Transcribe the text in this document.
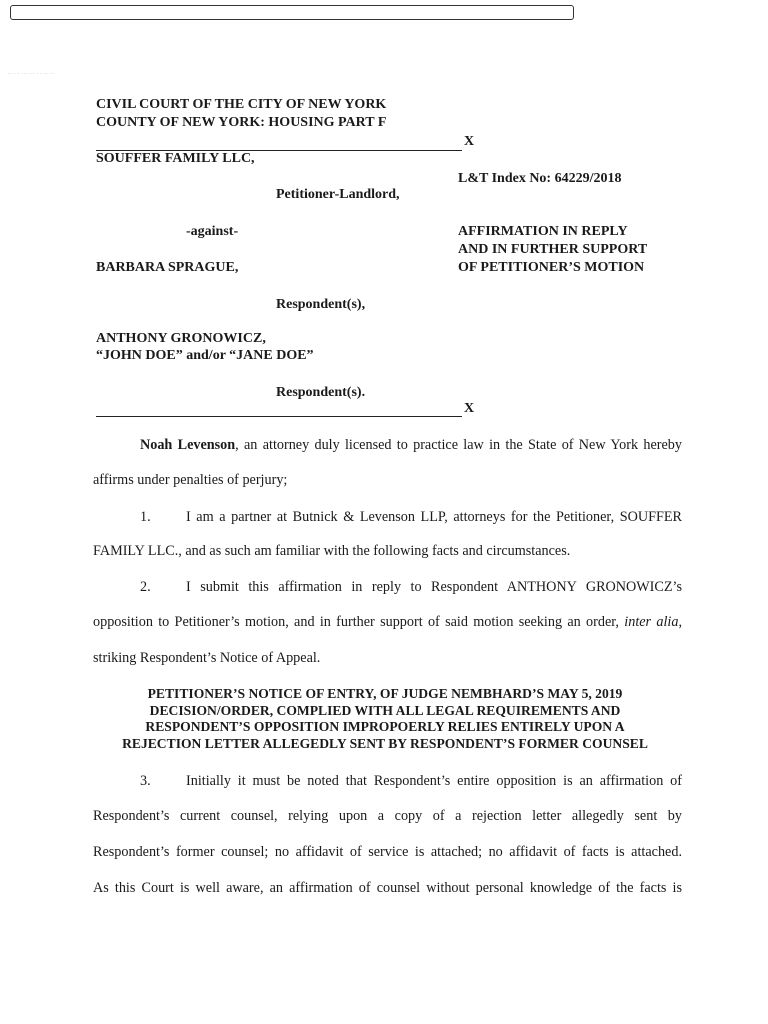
·· · · ··· ·· · · ·· ··
CIVIL COURT OF THE CITY OF NEW YORK
COUNTY OF NEW YORK: HOUSING PART F
X
SOUFFER FAMILY LLC,
L&T Index No: 64229/2018
Petitioner-Landlord,
-against-	AFFIRMATION IN REPLY
AND IN FURTHER SUPPORT
BARBARA SPRAGUE,	OF PETITIONER’S MOTION
Respondent(s),
ANTHONY GRONOWICZ,
“JOHN DOE” and/or “JANE DOE”
Respondent(s).
X
Noah Levenson, an attorney duly licensed to practice law in the State of New York hereby
affirms under penalties of perjury;
1. I am a partner at Butnick & Levenson LLP, attorneys for the Petitioner, SOUFFER
FAMILY LLC., and as such am familiar with the following facts and circumstances.
2. I submit this affirmation in reply to Respondent ANTHONY GRONOWICZ’s
opposition to Petitioner’s motion, and in further support of said motion seeking an order, inter alia,
striking Respondent’s Notice of Appeal.
PETITIONER’S NOTICE OF ENTRY, OF JUDGE NEMBHARD’S MAY 5, 2019
DECISION/ORDER, COMPLIED WITH ALL LEGAL REQUIREMENTS AND
RESPONDENT’S OPPOSITION IMPROPOERLY RELIES ENTIRELY UPON A
REJECTION LETTER ALLEGEDLY SENT BY RESPONDENT’S FORMER COUNSEL
3. Initially it must be noted that Respondent’s entire opposition is an affirmation of
Respondent’s current counsel, relying upon a copy of a rejection letter allegedly sent by
Respondent’s former counsel; no affidavit of service is attached; no affidavit of facts is attached.
As this Court is well aware, an affirmation of counsel without personal knowledge of the facts is
